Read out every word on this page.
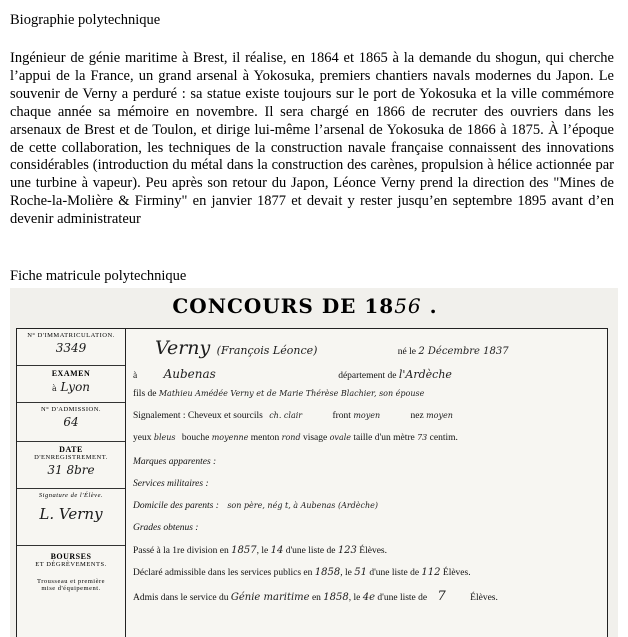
Biographie polytechnique

Ingénieur de génie maritime à Brest, il réalise, en 1864 et 1865 à la demande du shogun, qui cherche l’appui de la France, un grand arsenal à Yokosuka, premiers chantiers navals modernes du Japon. Le souvenir de Verny a perduré : sa statue existe toujours sur le port de Yokosuka et la ville commémore chaque année sa mémoire en novembre. Il sera chargé en 1866 de recruter des ouvriers dans les arsenaux de Brest et de Toulon, et dirige lui-même l’arsenal de Yokosuka de 1866 à 1875. À l’époque de cette collaboration, les techniques de la construction navale française connaissent des innovations considérables (introduction du métal dans la construction des carènes, propulsion à hélice actionnée par une turbine à vapeur). Peu après son retour du Japon, Léonce Verny prend la direction des "Mines de Roche-la-Molière & Firminy" en janvier 1877 et devait y rester jusqu’en septembre 1895 avant d’en devenir administrateur

Fiche matricule polytechnique
CONCOURS DE 1856 .
N° D'IMMATRICULATION.
3349
EXAMEN
à Lyon
N° D'ADMISSION.
64
DATE
D'ENREGISTREMENT.
31 8bre
Signature de l'Élève.
L. Verny
BOURSES
ET DÉGRÈVEMENTS.
Trousseau et première
mise d'équipement.
Verny (François Léonce)	né le 2 Décembre 1837
à Aubenas	département de l'Ardèche
fils de Mathieu Amédée Verny et de Marie Thérèse Blachier, son épouse
Signalement : Cheveux et sourcils ch. clair	front moyen	nez moyen
yeux bleus bouche moyenne menton rond visage ovale taille d'un mètre 73 centim.
Marques apparentes :
Services militaires :
Domicile des parents : son père, nég t, à Aubenas (Ardèche)
Grades obtenus :
Passé à la 1re division en 1857, le 14 d'une liste de 123 Élèves.
Déclaré admissible dans les services publics en 1858, le 51 d'une liste de 112 Élèves.
Admis dans le service du Génie maritime en 1858, le 4e d'une liste de 7	Élèves.
